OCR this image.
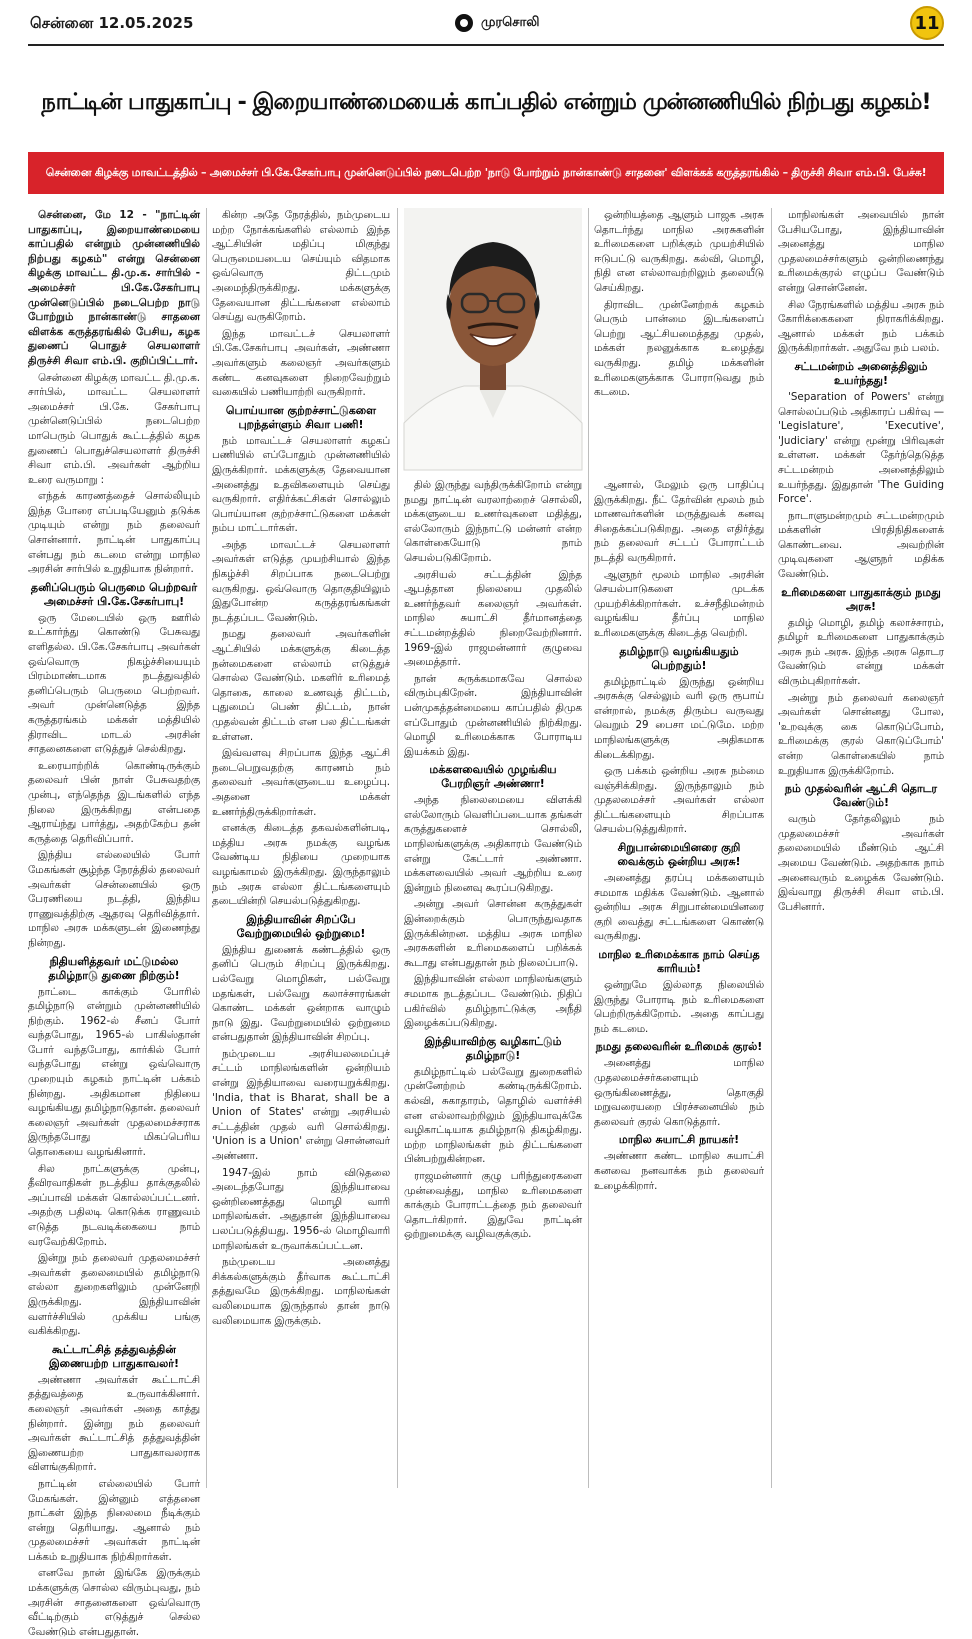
சென்னை 12.05.2025	முரசொலி	11
நாட்டின் பாதுகாப்பு - இறையாண்மையைக் காப்பதில் என்றும் முன்னணியில் நிற்பது கழகம்!
சென்னை கிழக்கு மாவட்டத்தில் – அமைச்சர் பி.கே.சேகர்பாபு முன்னெடுப்பில் நடைபெற்ற 'நாடு போற்றும் நான்காண்டு சாதனை' விளக்கக் கருத்தரங்கில் – திருச்சி சிவா எம்.பி. பேச்சு!

சென்னை, மே 12 - "நாட்டின் பாதுகாப்பு, இறையாண்மையை காப்பதில் என்றும் முன்னணியில் நிற்பது கழகம்" என்று சென்னை கிழக்கு மாவட்ட தி.மு.க. சார்பில் - அமைச்சர் பி.கே.சேகர்பாபு முன்னெடுப்பில் நடைபெற்ற நாடு போற்றும் நான்காண்டு சாதனை விளக்க கருத்தரங்கில் பேசிய, கழக துணைப் பொதுச் செயலாளர் திருச்சி சிவா எம்.பி. குறிப்பிட்டார்.

சென்னை கிழக்கு மாவட்ட தி.மு.க. சார்பில், மாவட்ட செயலாளர் அமைச்சர் பி.கே. சேகர்பாபு முன்னெடுப்பில் நடைபெற்ற மாபெரும் பொதுக் கூட்டத்தில் கழக துணைப் பொதுச்செயலாளர் திருச்சி சிவா எம்.பி. அவர்கள் ஆற்றிய உரை வருமாறு :

எந்தக் காரணத்தைச் சொல்லியும் இந்த போரை எப்படியேனும் தடுக்க முடியும் என்று நம் தலைவர் சொன்னார். நாட்டின் பாதுகாப்பு என்பது நம் கடமை என்று மாநில அரசின் சார்பில் உறுதியாக நின்றார்.

தனிப்பெரும் பெருமை பெற்றவர் அமைச்சர் பி.கே.சேகர்பாபு!

ஒரு மேடையில் ஒரு ஊரில் உட்கார்ந்து கொண்டு பேசுவது எளிதல்ல. பி.கே.சேகர்பாபு அவர்கள் ஒவ்வொரு நிகழ்ச்சியையும் பிரம்மாண்டமாக நடத்துவதில் தனிப்பெரும் பெருமை பெற்றவர். அவர் முன்னெடுத்த இந்த கருத்தரங்கம் மக்கள் மத்தியில் திராவிட மாடல் அரசின் சாதனைகளை எடுத்துச் செல்கிறது.

உரையாற்றிக் கொண்டிருக்கும் தலைவர் பின் நாள் பேசுவதற்கு முன்பு, எந்தெந்த இடங்களில் எந்த நிலை இருக்கிறது என்பதை ஆராய்ந்து பார்த்து, அதற்கேற்ப தன் கருத்தை தெரிவிப்பார்.

இந்திய எல்லையில் போர் மேகங்கள் சூழ்ந்த நேரத்தில் தலைவர் அவர்கள் சென்னையில் ஒரு பேரணியை நடத்தி, இந்திய ராணுவத்திற்கு ஆதரவு தெரிவித்தார். மாநில அரசு மக்களுடன் இணைந்து நின்றது.

நிதியளித்தவர் மட்டுமல்ல தமிழ்நாடு துணை நிற்கும்!

நாட்டை காக்கும் போரில் தமிழ்நாடு என்றும் முன்னணியில் நிற்கும். 1962-ல் சீனப் போர் வந்தபோது, 1965-ல் பாகிஸ்தான் போர் வந்தபோது, கார்கில் போர் வந்தபோது என்று ஒவ்வொரு முறையும் கழகம் நாட்டின் பக்கம் நின்றது. அதிகமான நிதியை வழங்கியது தமிழ்நாடுதான். தலைவர் கலைஞர் அவர்கள் முதலமைச்சராக இருந்தபோது மிகப்பெரிய தொகையை வழங்கினார்.

சில நாட்களுக்கு முன்பு, தீவிரவாதிகள் நடத்திய தாக்குதலில் அப்பாவி மக்கள் கொல்லப்பட்டனர். அதற்கு பதிலடி கொடுக்க ராணுவம் எடுத்த நடவடிக்கையை நாம் வரவேற்கிறோம்.

இன்று நம் தலைவர் முதலமைச்சர் அவர்கள் தலைமையில் தமிழ்நாடு எல்லா துறைகளிலும் முன்னேறி இருக்கிறது. இந்தியாவின் வளர்ச்சியில் முக்கிய பங்கு வகிக்கிறது.

கூட்டாட்சித் தத்துவத்தின் இணையற்ற பாதுகாவலர்!

அண்ணா அவர்கள் கூட்டாட்சி தத்துவத்தை உருவாக்கினார். கலைஞர் அவர்கள் அதை காத்து நின்றார். இன்று நம் தலைவர் அவர்கள் கூட்டாட்சித் தத்துவத்தின் இணையற்ற பாதுகாவலராக விளங்குகிறார்.

நாட்டின் எல்லையில் போர் மேகங்கள். இன்னும் எத்தனை நாட்கள் இந்த நிலைமை நீடிக்கும் என்று தெரியாது. ஆனால் நம் முதலமைச்சர் அவர்கள் நாட்டின் பக்கம் உறுதியாக நிற்கிறார்கள்.

எனவே நான் இங்கே இருக்கும் மக்களுக்கு சொல்ல விரும்புவது, நம் அரசின் சாதனைகளை ஒவ்வொரு வீட்டிற்கும் எடுத்துச் செல்ல வேண்டும் என்பதுதான்.

கின்ற அதே நேரத்தில், நம்முடைய மற்ற நோக்கங்களில் எல்லாம் இந்த ஆட்சியின் மதிப்பு மிகுந்து பெருமையடைய செய்யும் விதமாக ஒவ்வொரு திட்டமும் அமைந்திருக்கிறது. மக்களுக்கு தேவையான திட்டங்களை எல்லாம் செய்து வருகிறோம்.

இந்த மாவட்டச் செயலாளர் பி.கே.சேகர்பாபு அவர்கள், அண்ணா அவர்களும் கலைஞர் அவர்களும் கண்ட கனவுகளை நிறைவேற்றும் வகையில் பணியாற்றி வருகிறார்.

பொய்யான குற்றச்சாட்டுகளை புறந்தள்ளும் சிவா பணி!

நம் மாவட்டச் செயலாளர் கழகப் பணியில் எப்போதும் முன்னணியில் இருக்கிறார். மக்களுக்கு தேவையான அனைத்து உதவிகளையும் செய்து வருகிறார். எதிர்க்கட்சிகள் சொல்லும் பொய்யான குற்றச்சாட்டுகளை மக்கள் நம்ப மாட்டார்கள்.

அந்த மாவட்டச் செயலாளர் அவர்கள் எடுத்த முயற்சியால் இந்த நிகழ்ச்சி சிறப்பாக நடைபெற்று வருகிறது. ஒவ்வொரு தொகுதியிலும் இதுபோன்ற கருத்தரங்கங்கள் நடத்தப்பட வேண்டும்.

நமது தலைவர் அவர்களின் ஆட்சியில் மக்களுக்கு கிடைத்த நன்மைகளை எல்லாம் எடுத்துச் சொல்ல வேண்டும். மகளிர் உரிமைத் தொகை, காலை உணவுத் திட்டம், புதுமைப் பெண் திட்டம், நான் முதல்வன் திட்டம் என பல திட்டங்கள் உள்ளன.

இவ்வளவு சிறப்பாக இந்த ஆட்சி நடைபெறுவதற்கு காரணம் நம் தலைவர் அவர்களுடைய உழைப்பு. அதனை மக்கள் உணர்ந்திருக்கிறார்கள்.

எனக்கு கிடைத்த தகவல்களின்படி, மத்திய அரசு நமக்கு வழங்க வேண்டிய நிதியை முறையாக வழங்காமல் இருக்கிறது. இருந்தாலும் நம் அரசு எல்லா திட்டங்களையும் தடையின்றி செயல்படுத்துகிறது.

இந்தியாவின் சிறப்பே வேற்றுமையில் ஒற்றுமை!

இந்திய துணைக் கண்டத்தில் ஒரு தனிப் பெரும் சிறப்பு இருக்கிறது. பல்வேறு மொழிகள், பல்வேறு மதங்கள், பல்வேறு கலாச்சாரங்கள் கொண்ட மக்கள் ஒன்றாக வாழும் நாடு இது. வேற்றுமையில் ஒற்றுமை என்பதுதான் இந்தியாவின் சிறப்பு.

நம்முடைய அரசியலமைப்புச் சட்டம் மாநிலங்களின் ஒன்றியம் என்று இந்தியாவை வரையறுக்கிறது. 'India, that is Bharat, shall be a Union of States' என்று அரசியல் சட்டத்தின் முதல் வரி சொல்கிறது. 'Union is a Union' என்று சொன்னவர் அண்ணா.

1947-இல் நாம் விடுதலை அடைந்தபோது இந்தியாவை ஒன்றிணைத்தது மொழி வாரி மாநிலங்கள். அதுதான் இந்தியாவை பலப்படுத்தியது. 1956-ல் மொழிவாரி மாநிலங்கள் உருவாக்கப்பட்டன.

நம்முடைய அனைத்து சிக்கல்களுக்கும் தீர்வாக கூட்டாட்சி தத்துவமே இருக்கிறது. மாநிலங்கள் வலிமையாக இருந்தால் தான் நாடு வலிமையாக இருக்கும்.

தில் இருந்து வந்திருக்கிறோம் என்று நமது நாட்டின் வரலாற்றைச் சொல்லி, மக்களுடைய உணர்வுகளை மதித்து, எல்லோரும் இந்நாட்டு மன்னர் என்ற கொள்கையோடு நாம் செயல்படுகிறோம்.

அரசியல் சட்டத்தின் இந்த ஆபத்தான நிலையை முதலில் உணர்ந்தவர் கலைஞர் அவர்கள். மாநில சுயாட்சி தீர்மானத்தை சட்டமன்றத்தில் நிறைவேற்றினார். 1969-இல் ராஜமன்னார் குழுவை அமைத்தார்.

நான் சுருக்கமாகவே சொல்ல விரும்புகிறேன். இந்தியாவின் பன்முகத்தன்மையை காப்பதில் திமுக எப்போதும் முன்னணியில் நிற்கிறது. மொழி உரிமைக்காக போராடிய இயக்கம் இது.

மக்களவையில் முழங்கிய பேரறிஞர் அண்ணா!

அந்த நிலைமையை விளக்கி எல்லோரும் வெளிப்படையாக தங்கள் கருத்துகளைச் சொல்லி, மாநிலங்களுக்கு அதிகாரம் வேண்டும் என்று கேட்டார் அண்ணா. மக்களவையில் அவர் ஆற்றிய உரை இன்றும் நினைவு கூரப்படுகிறது.

அன்று அவர் சொன்ன கருத்துகள் இன்றைக்கும் பொருந்துவதாக இருக்கின்றன. மத்திய அரசு மாநில அரசுகளின் உரிமைகளைப் பறிக்கக் கூடாது என்பதுதான் நம் நிலைப்பாடு.

இந்தியாவின் எல்லா மாநிலங்களும் சமமாக நடத்தப்பட வேண்டும். நிதிப் பகிர்வில் தமிழ்நாட்டுக்கு அநீதி இழைக்கப்படுகிறது.

இந்தியாவிற்கு வழிகாட்டும் தமிழ்நாடு!

தமிழ்நாட்டில் பல்வேறு துறைகளில் முன்னேற்றம் கண்டிருக்கிறோம். கல்வி, சுகாதாரம், தொழில் வளர்ச்சி என எல்லாவற்றிலும் இந்தியாவுக்கே வழிகாட்டியாக தமிழ்நாடு திகழ்கிறது. மற்ற மாநிலங்கள் நம் திட்டங்களை பின்பற்றுகின்றன.

ராஜமன்னார் குழு பரிந்துரைகளை முன்வைத்து, மாநில உரிமைகளை காக்கும் போராட்டத்தை நம் தலைவர் தொடர்கிறார். இதுவே நாட்டின் ஒற்றுமைக்கு வழிவகுக்கும்.

ஒன்றியத்தை ஆளும் பாஜக அரசு தொடர்ந்து மாநில அரசுகளின் உரிமைகளை பறிக்கும் முயற்சியில் ஈடுபட்டு வருகிறது. கல்வி, மொழி, நிதி என எல்லாவற்றிலும் தலையீடு செய்கிறது.

திராவிட முன்னேற்றக் கழகம் பெரும் பான்மை இடங்களைப் பெற்று ஆட்சியமைத்தது முதல், மக்கள் நலனுக்காக உழைத்து வருகிறது. தமிழ் மக்களின் உரிமைகளுக்காக போராடுவது நம் கடமை.

ஆனால், மேலும் ஒரு பாதிப்பு இருக்கிறது. நீட் தேர்வின் மூலம் நம் மாணவர்களின் மருத்துவக் கனவு சிதைக்கப்படுகிறது. அதை எதிர்த்து நம் தலைவர் சட்டப் போராட்டம் நடத்தி வருகிறார்.

ஆளுநர் மூலம் மாநில அரசின் செயல்பாடுகளை முடக்க முயற்சிக்கிறார்கள். உச்சநீதிமன்றம் வழங்கிய தீர்ப்பு மாநில உரிமைகளுக்கு கிடைத்த வெற்றி.

தமிழ்நாடு வழங்கியதும் பெற்றதும்!

தமிழ்நாட்டில் இருந்து ஒன்றிய அரசுக்கு செல்லும் வரி ஒரு ரூபாய் என்றால், நமக்கு திரும்ப வருவது வெறும் 29 பைசா மட்டுமே. மற்ற மாநிலங்களுக்கு அதிகமாக கிடைக்கிறது.

ஒரு பக்கம் ஒன்றிய அரசு நம்மை வஞ்சிக்கிறது. இருந்தாலும் நம் முதலமைச்சர் அவர்கள் எல்லா திட்டங்களையும் சிறப்பாக செயல்படுத்துகிறார்.

சிறுபான்மையினரை குறி வைக்கும் ஒன்றிய அரசு!

அனைத்து தரப்பு மக்களையும் சமமாக மதிக்க வேண்டும். ஆனால் ஒன்றிய அரசு சிறுபான்மையினரை குறி வைத்து சட்டங்களை கொண்டு வருகிறது.

மாநில உரிமைக்காக நாம் செய்த காரியம்!

ஒன்றுமே இல்லாத நிலையில் இருந்து போராடி நம் உரிமைகளை பெற்றிருக்கிறோம். அதை காப்பது நம் கடமை.

நமது தலைவரின் உரிமைக் குரல்!

அனைத்து மாநில முதலமைச்சர்களையும் ஒருங்கிணைத்து, தொகுதி மறுவரையறை பிரச்சனையில் நம் தலைவர் குரல் கொடுத்தார்.

மாநில சுயாட்சி நாயகர்!

அண்ணா கண்ட மாநில சுயாட்சி கனவை நனவாக்க நம் தலைவர் உழைக்கிறார்.

மாநிலங்கள் அவையில் நான் பேசியபோது, இந்தியாவின் அனைத்து மாநில முதலமைச்சர்களும் ஒன்றிணைந்து உரிமைக்குரல் எழுப்ப வேண்டும் என்று சொன்னேன்.

சில நேரங்களில் மத்திய அரசு நம் கோரிக்கைகளை நிராகரிக்கிறது. ஆனால் மக்கள் நம் பக்கம் இருக்கிறார்கள். அதுவே நம் பலம்.

சட்டமன்றம் அனைத்திலும் உயர்ந்தது!

'Separation of Powers' என்று சொல்லப்படும் அதிகாரப் பகிர்வு — 'Legislature', 'Executive', 'Judiciary' என்று மூன்று பிரிவுகள் உள்ளன. மக்கள் தேர்ந்தெடுத்த சட்டமன்றம் அனைத்திலும் உயர்ந்தது. இதுதான் 'The Guiding Force'.

நாடாளுமன்றமும் சட்டமன்றமும் மக்களின் பிரதிநிதிகளைக் கொண்டவை. அவற்றின் முடிவுகளை ஆளுநர் மதிக்க வேண்டும்.

உரிமைகளை பாதுகாக்கும் நமது அரசு!

தமிழ் மொழி, தமிழ் கலாச்சாரம், தமிழர் உரிமைகளை பாதுகாக்கும் அரசு நம் அரசு. இந்த அரசு தொடர வேண்டும் என்று மக்கள் விரும்புகிறார்கள்.

அன்று நம் தலைவர் கலைஞர் அவர்கள் சொன்னது போல, 'உறவுக்கு கை கொடுப்போம், உரிமைக்கு குரல் கொடுப்போம்' என்ற கொள்கையில் நாம் உறுதியாக இருக்கிறோம்.

நம் முதல்வரின் ஆட்சி தொடர வேண்டும்!

வரும் தேர்தலிலும் நம் முதலமைச்சர் அவர்கள் தலைமையில் மீண்டும் ஆட்சி அமைய வேண்டும். அதற்காக நாம் அனைவரும் உழைக்க வேண்டும். இவ்வாறு திருச்சி சிவா எம்.பி. பேசினார்.
